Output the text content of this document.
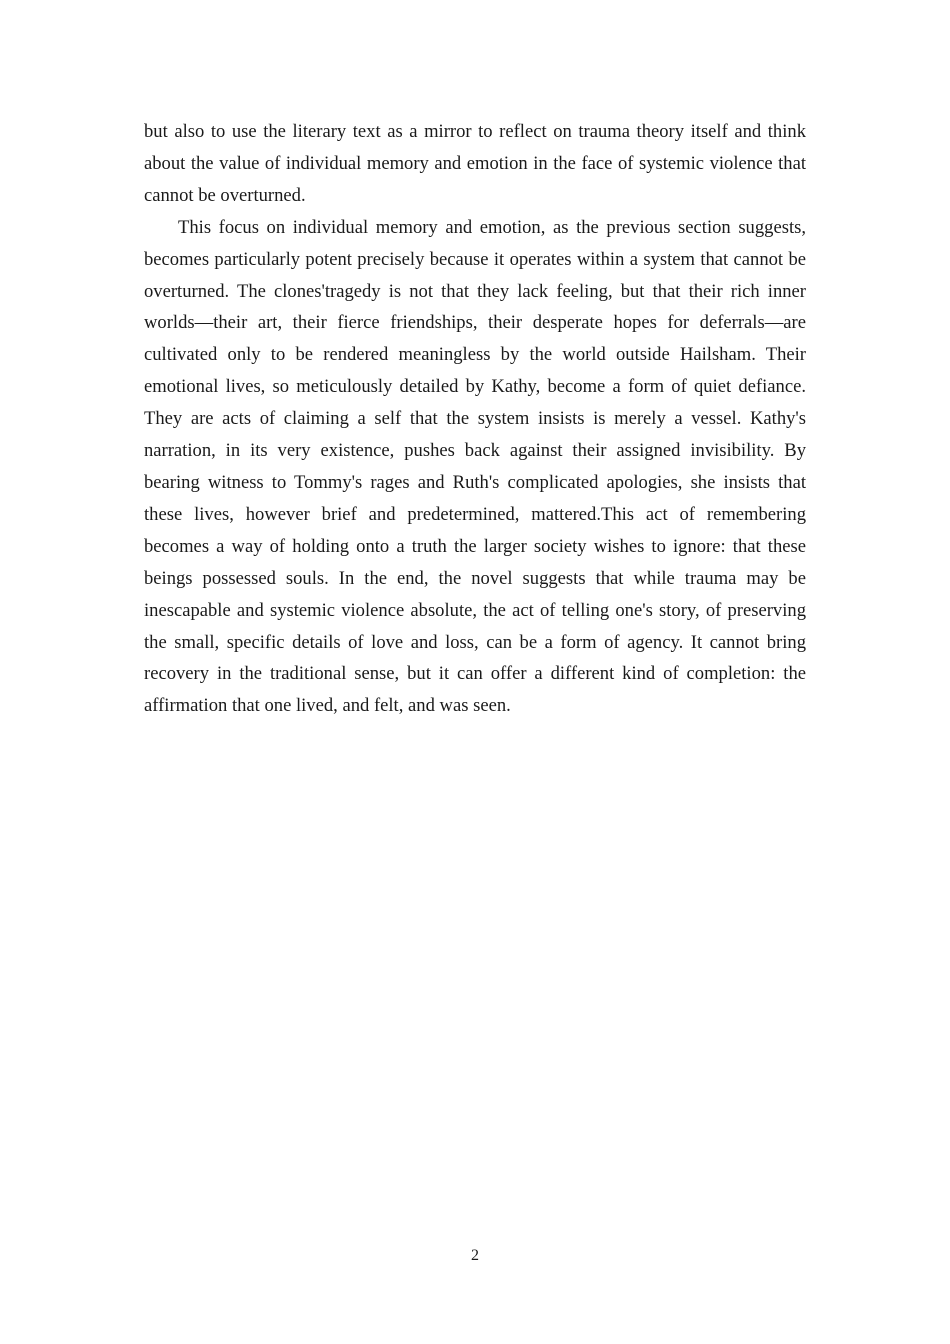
but also to use the literary text as a mirror to reflect on trauma theory itself and think about the value of individual memory and emotion in the face of systemic violence that cannot be overturned.

This focus on individual memory and emotion, as the previous section suggests, becomes particularly potent precisely because it operates within a system that cannot be overturned. The clones'tragedy is not that they lack feeling, but that their rich inner worlds—their art, their fierce friendships, their desperate hopes for deferrals—are cultivated only to be rendered meaningless by the world outside Hailsham. Their emotional lives, so meticulously detailed by Kathy, become a form of quiet defiance. They are acts of claiming a self that the system insists is merely a vessel. Kathy's narration, in its very existence, pushes back against their assigned invisibility. By bearing witness to Tommy's rages and Ruth's complicated apologies, she insists that these lives, however brief and predetermined, mattered.This act of remembering becomes a way of holding onto a truth the larger society wishes to ignore: that these beings possessed souls. In the end, the novel suggests that while trauma may be inescapable and systemic violence absolute, the act of telling one's story, of preserving the small, specific details of love and loss, can be a form of agency. It cannot bring recovery in the traditional sense, but it can offer a different kind of completion: the affirmation that one lived, and felt, and was seen.

2
